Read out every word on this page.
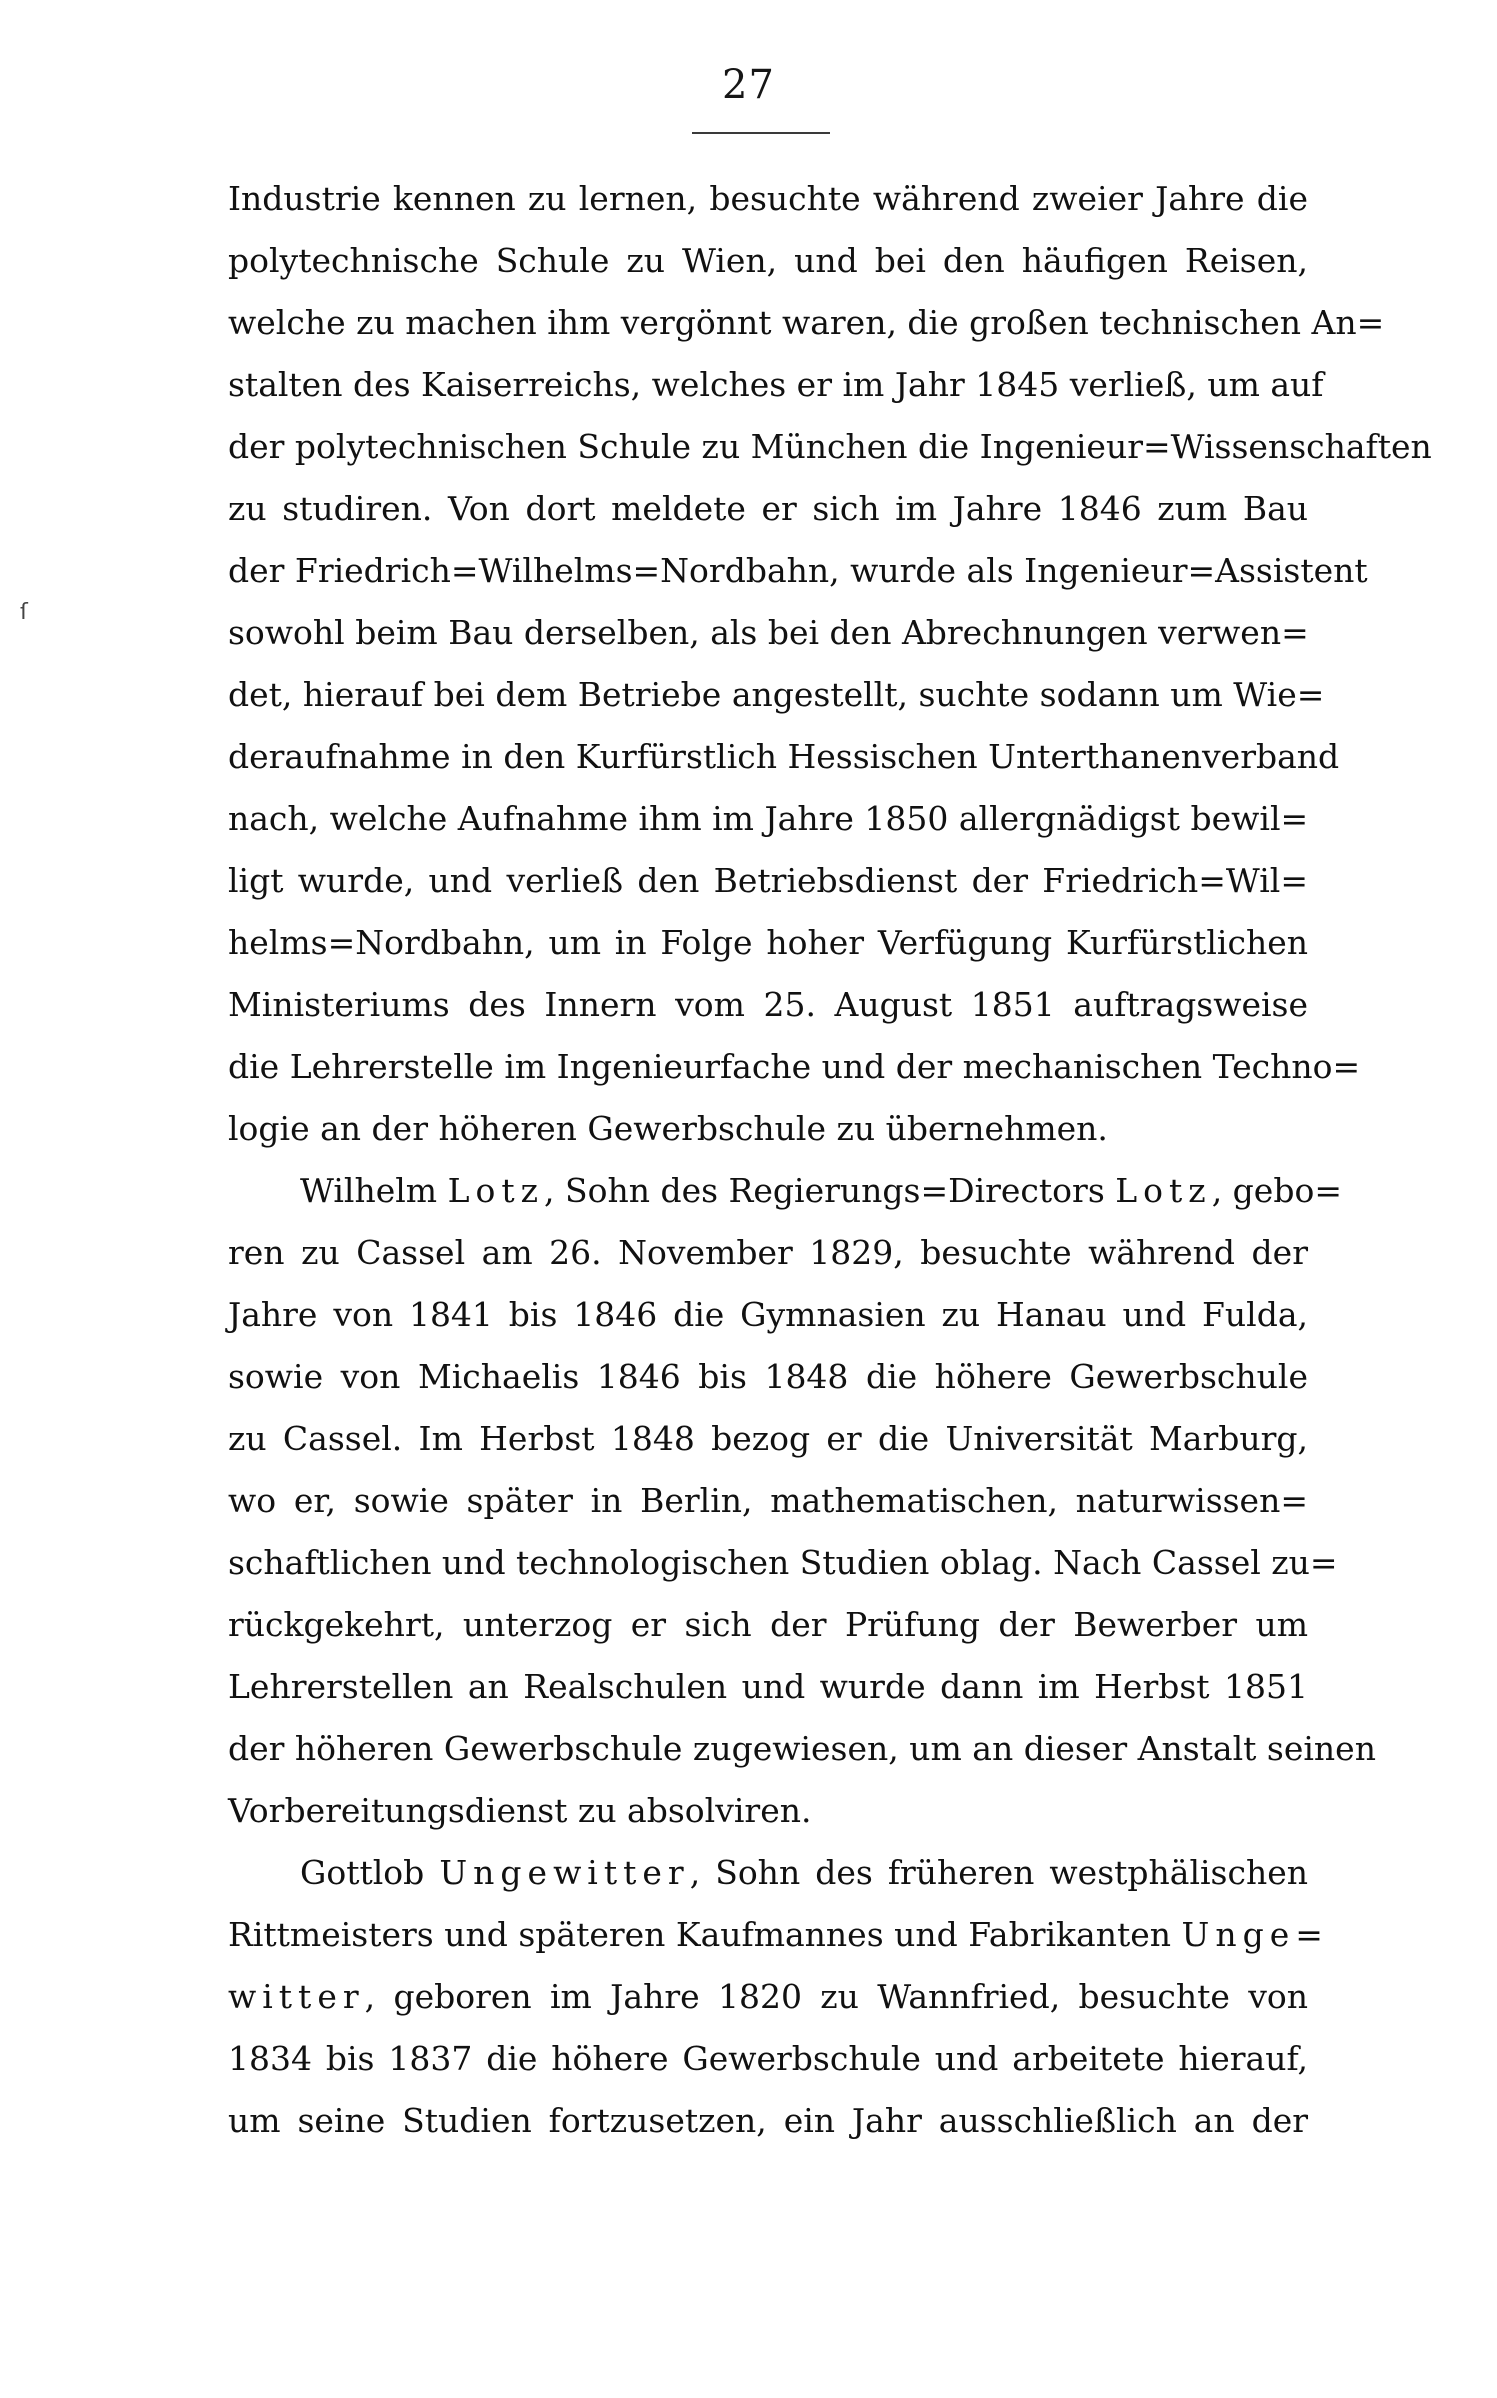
27
ſ
Industrie kennen zu lernen, besuchte während zweier Jahre die
polytechnische Schule zu Wien, und bei den häufigen Reisen,
welche zu machen ihm vergönnt waren, die großen technischen An=
stalten des Kaiserreichs, welches er im Jahr 1845 verließ, um auf
der polytechnischen Schule zu München die Ingenieur=Wissenschaften
zu studiren. Von dort meldete er sich im Jahre 1846 zum Bau
der Friedrich=Wilhelms=Nordbahn, wurde als Ingenieur=Assistent
sowohl beim Bau derselben, als bei den Abrechnungen verwen=
det, hierauf bei dem Betriebe angestellt, suchte sodann um Wie=
deraufnahme in den Kurfürstlich Hessischen Unterthanenverband
nach, welche Aufnahme ihm im Jahre 1850 allergnädigst bewil=
ligt wurde, und verließ den Betriebsdienst der Friedrich=Wil=
helms=Nordbahn, um in Folge hoher Verfügung Kurfürstlichen
Ministeriums des Innern vom 25. August 1851 auftragsweise
die Lehrerstelle im Ingenieurfache und der mechanischen Techno=
logie an der höheren Gewerbschule zu übernehmen.
Wilhelm Lotz, Sohn des Regierungs=Directors Lotz, gebo=
ren zu Cassel am 26. November 1829, besuchte während der
Jahre von 1841 bis 1846 die Gymnasien zu Hanau und Fulda,
sowie von Michaelis 1846 bis 1848 die höhere Gewerbschule
zu Cassel. Im Herbst 1848 bezog er die Universität Marburg,
wo er, sowie später in Berlin, mathematischen, naturwissen=
schaftlichen und technologischen Studien oblag. Nach Cassel zu=
rückgekehrt, unterzog er sich der Prüfung der Bewerber um
Lehrerstellen an Realschulen und wurde dann im Herbst 1851
der höheren Gewerbschule zugewiesen, um an dieser Anstalt seinen
Vorbereitungsdienst zu absolviren.
Gottlob Ungewitter, Sohn des früheren westphälischen
Rittmeisters und späteren Kaufmannes und Fabrikanten Unge=
witter, geboren im Jahre 1820 zu Wannfried, besuchte von
1834 bis 1837 die höhere Gewerbschule und arbeitete hierauf,
um seine Studien fortzusetzen, ein Jahr ausschließlich an der
